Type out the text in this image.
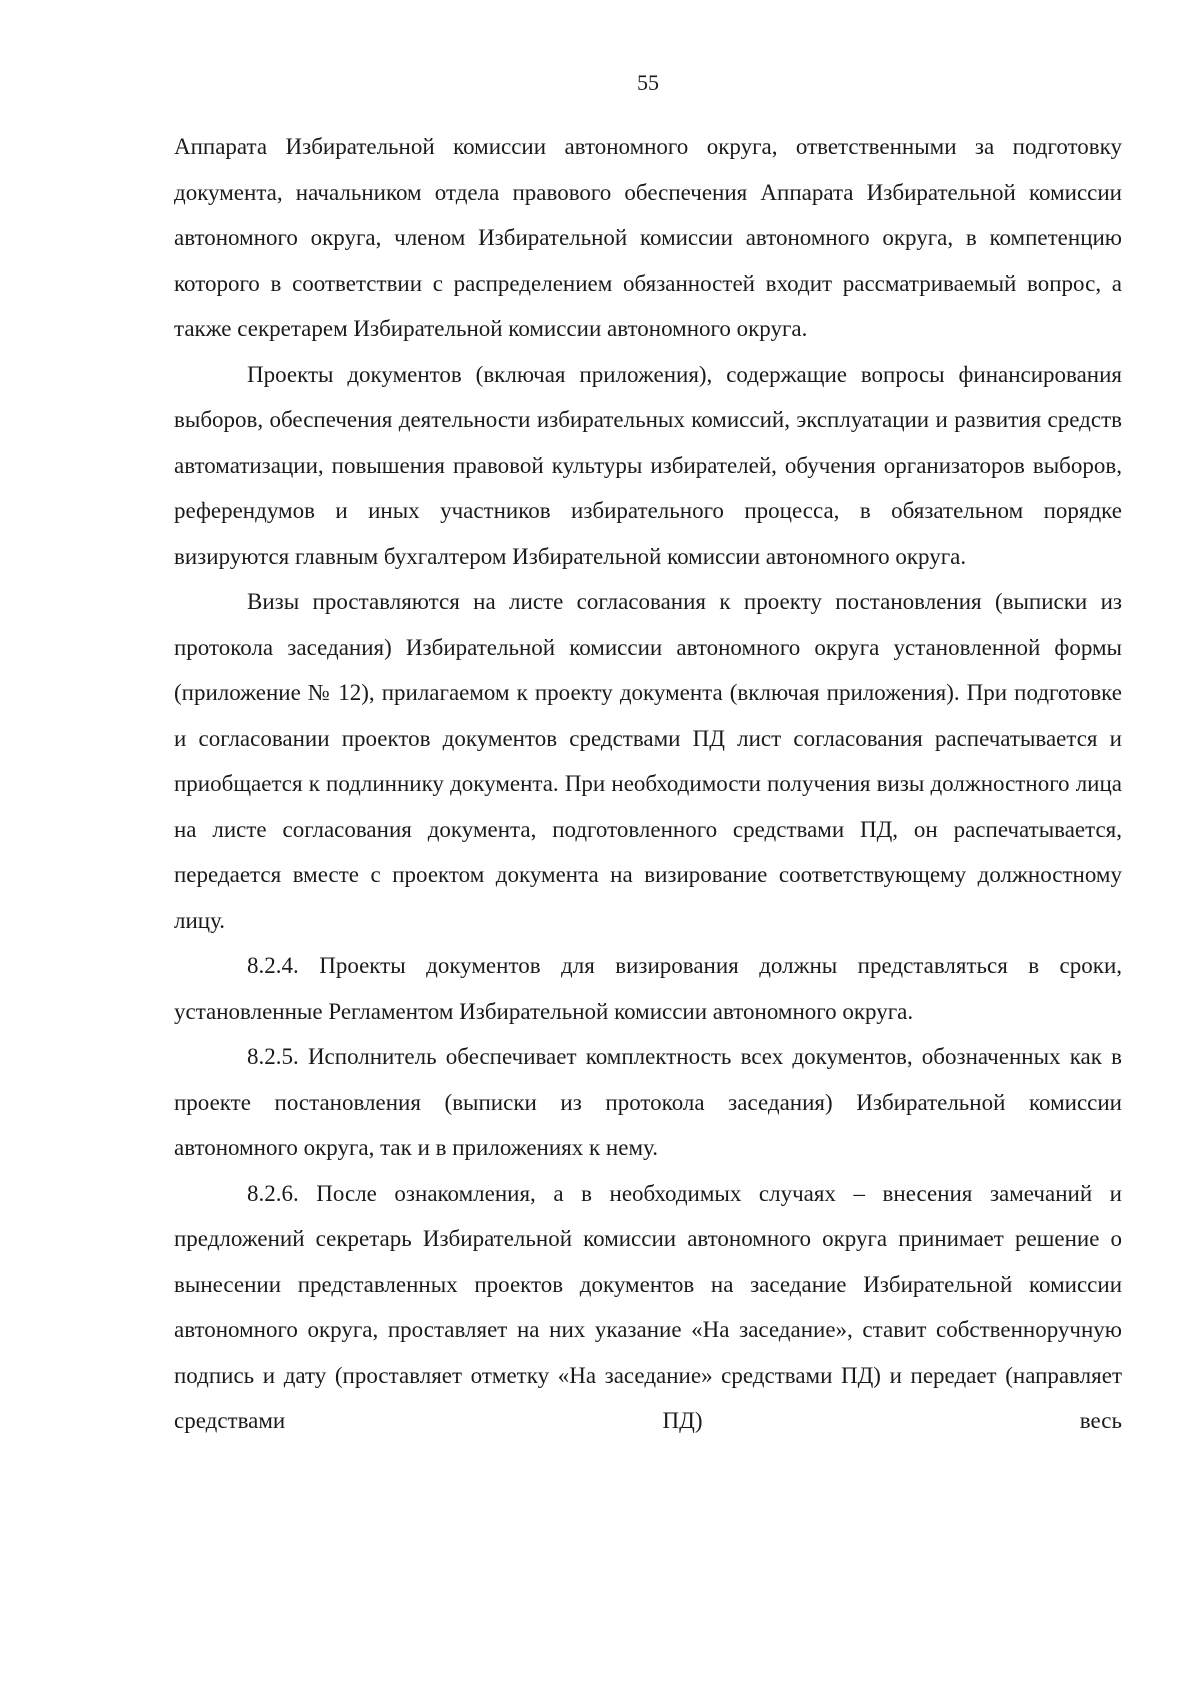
55

Аппарата Избирательной комиссии автономного округа, ответственными за подготовку документа, начальником отдела правового обеспечения Аппарата Избирательной комиссии автономного округа, членом Избирательной комиссии автономного округа, в компетенцию которого в соответствии с распределением обязанностей входит рассматриваемый вопрос, а также секретарем Избирательной комиссии автономного округа.

Проекты документов (включая приложения), содержащие вопросы финансирования выборов, обеспечения деятельности избирательных комиссий, эксплуатации и развития средств автоматизации, повышения правовой культуры избирателей, обучения организаторов выборов, референдумов и иных участников избирательного процесса, в обязательном порядке визируются главным бухгалтером Избирательной комиссии автономного округа.

Визы проставляются на листе согласования к проекту постановления (выписки из протокола заседания) Избирательной комиссии автономного округа установленной формы (приложение № 12), прилагаемом к проекту документа (включая приложения). При подготовке и согласовании проектов документов средствами ПД лист согласования распечатывается и приобщается к подлиннику документа. При необходимости получения визы должностного лица на листе согласования документа, подготовленного средствами ПД, он распечатывается, передается вместе с проектом документа на визирование соответствующему должностному лицу.

8.2.4. Проекты документов для визирования должны представляться в сроки, установленные Регламентом Избирательной комиссии автономного округа.

8.2.5. Исполнитель обеспечивает комплектность всех документов, обозначенных как в проекте постановления (выписки из протокола заседания) Избирательной комиссии автономного округа, так и в приложениях к нему.

8.2.6. После ознакомления, а в необходимых случаях – внесения замечаний и предложений секретарь Избирательной комиссии автономного округа принимает решение о вынесении представленных проектов документов на заседание Избирательной комиссии автономного округа, проставляет на них указание «На заседание», ставит собственноручную подпись и дату (проставляет отметку «На заседание» средствами ПД) и передает (направляет средствами ПД) весь
